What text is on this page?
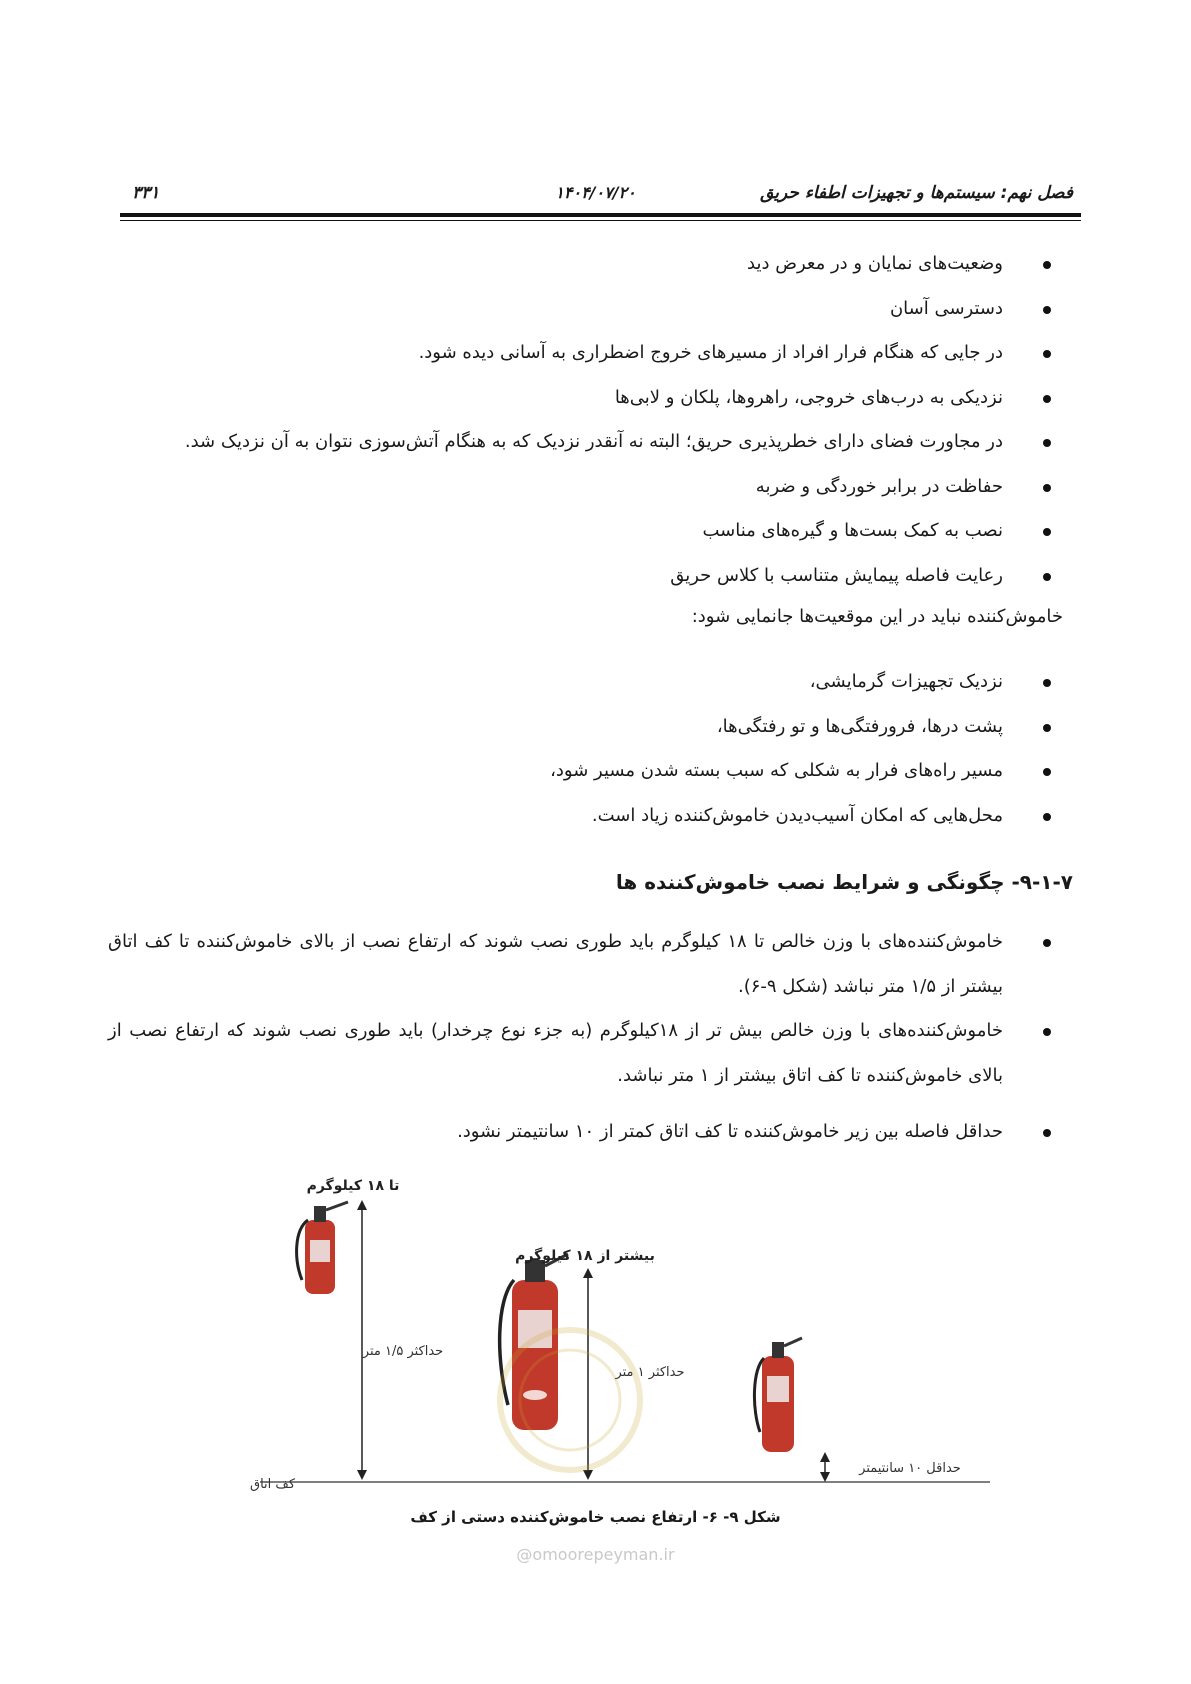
فصل نهم: سیستم‌ها و تجهیزات اطفاء حریق
۱۴۰۴/۰۷/۲۰
۳۳۱
وضعیت‌های نمایان و در معرض دید
دسترسی آسان
در جایی که هنگام فرار افراد از مسیرهای خروج اضطراری به آسانی دیده شود.
نزدیکی به درب‌های خروجی، راهروها، پلکان و لابی‌ها
در مجاورت فضای دارای خطرپذیری حریق؛ البته نه آنقدر نزدیک که به هنگام آتش‌سوزی نتوان به آن نزدیک شد.
حفاظت در برابر خوردگی و ضربه
نصب به کمک بست‌ها و گیره‌های مناسب
رعایت فاصله پیمایش متناسب با کلاس حریق
خاموش‌کننده نباید در این موقعیت‌ها جانمایی شود:
نزدیک تجهیزات گرمایشی،
پشت درها، فرورفتگی‌ها و تو رفتگی‌ها،
مسیر راه‌های فرار به شکلی که سبب بسته شدن مسیر شود،
محل‌هایی که امکان آسیب‌دیدن خاموش‌کننده زیاد است.
۹-۱-۷- چگونگی و شرایط نصب خاموش‌کننده ها
خاموش‌کننده‌های با وزن خالص تا ۱۸ کیلوگرم باید طوری نصب شوند که ارتفاع نصب از بالای خاموش‌کننده تا کف اتاق بیشتر از ۱/۵ متر نباشد (شکل ۹-۶).
خاموش‌کننده‌های با وزن خالص بیش تر از ۱۸کیلوگرم (به جزء نوع چرخدار) باید طوری نصب شوند که ارتفاع نصب از بالای خاموش‌کننده تا کف اتاق بیشتر از ۱ متر نباشد.
حداقل فاصله بین زیر خاموش‌کننده تا کف اتاق کمتر از ۱۰ سانتیمتر نشود.
کف اتاق
تا ۱۸ کیلوگرم
حداکثر ۱/۵ متر
بیشتر از ۱۸ کیلوگرم
حداکثر ۱ متر
حداقل ۱۰ سانتیمتر
شکل ۹- ۶- ارتفاع نصب خاموش‌کننده دستی از کف
@omoorepeyman.ir
